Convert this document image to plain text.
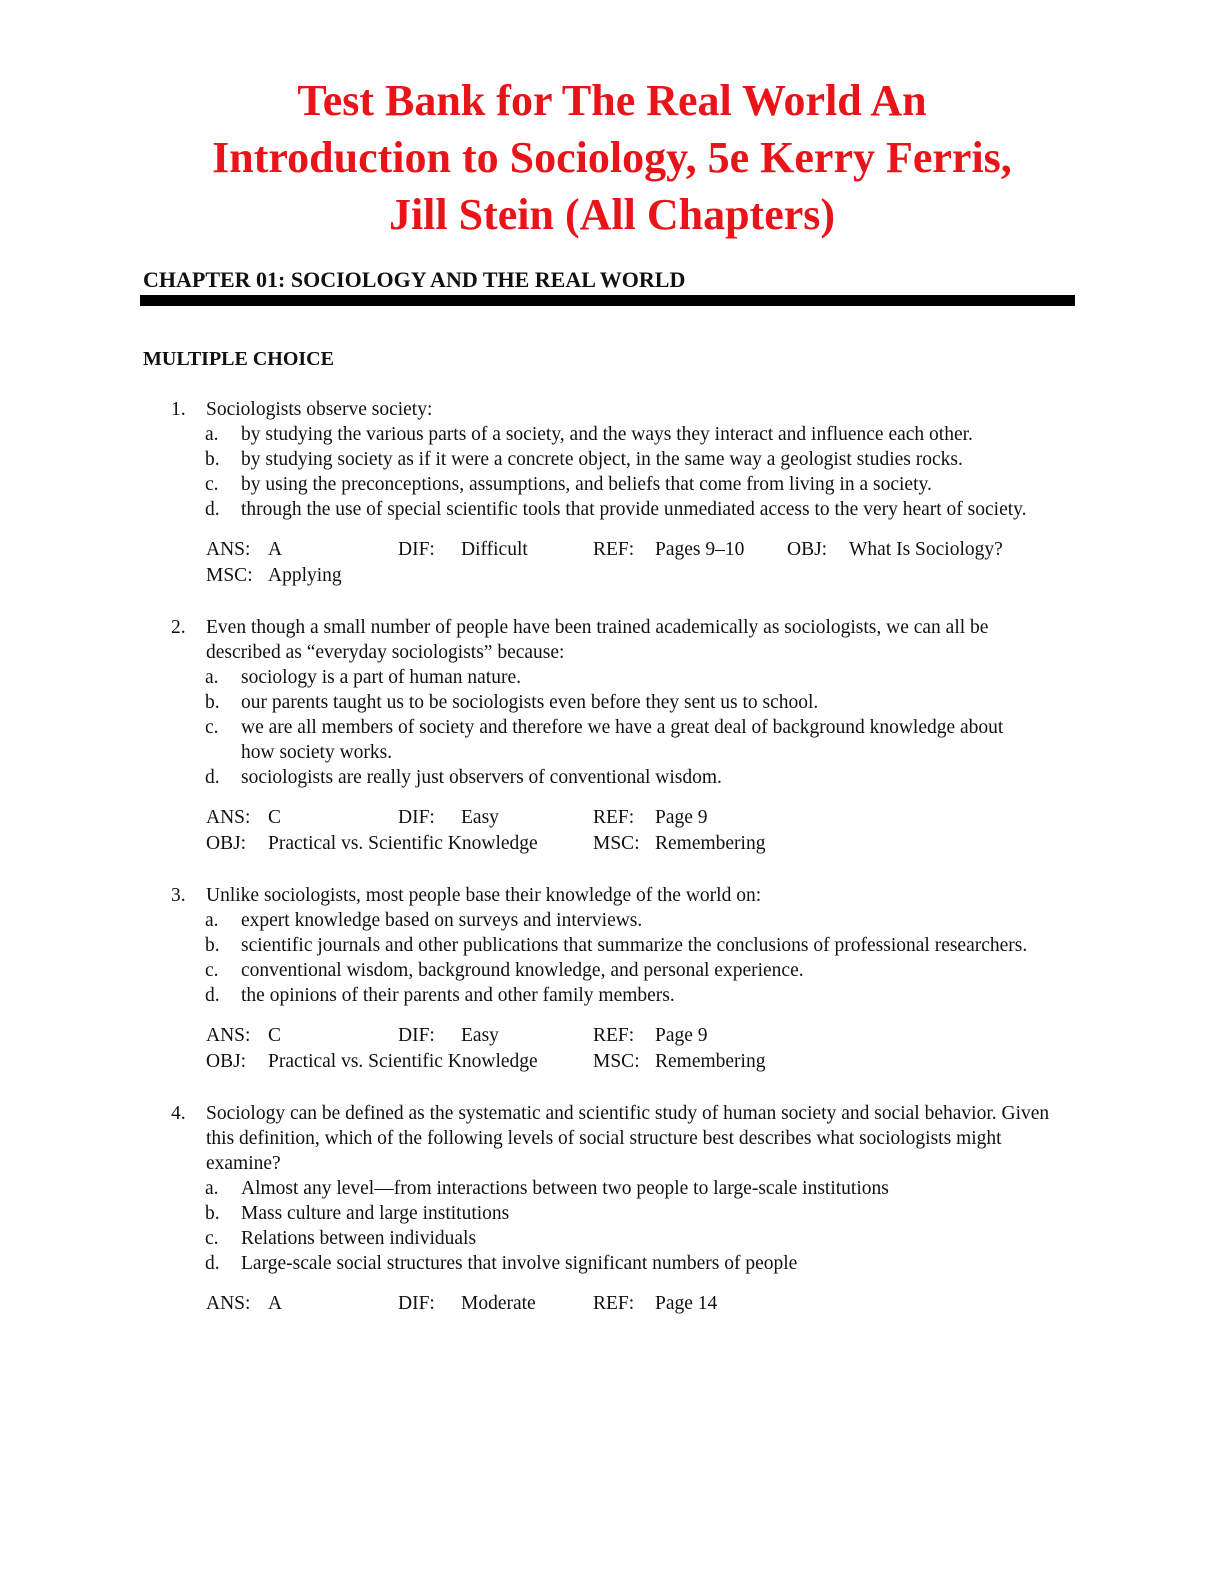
Test Bank for The Real World An
Introduction to Sociology, 5e Kerry Ferris,
Jill Stein (All Chapters)
CHAPTER 01: SOCIOLOGY AND THE REAL WORLD
MULTIPLE CHOICE
1.	Sociologists observe society:
a. by studying the various parts of a society, and the ways they interact and influence each other.
b. by studying society as if it were a concrete object, in the same way a geologist studies rocks.
c. by using the preconceptions, assumptions, and beliefs that come from living in a society.
d. through the use of special scientific tools that provide unmediated access to the very heart of society.
ANS: A	DIF: Difficult	REF: Pages 9–10 OBJ: What Is Sociology?
MSC: Applying
2.	Even though a small number of people have been trained academically as sociologists, we can all be described as “everyday sociologists” because:
a. sociology is a part of human nature.
b. our parents taught us to be sociologists even before they sent us to school.
c. we are all members of society and therefore we have a great deal of background knowledge about how society works.
d. sociologists are really just observers of conventional wisdom.
ANS: C	DIF: Easy	REF: Page 9
OBJ: Practical vs. Scientific Knowledge	MSC: Remembering
3.	Unlike sociologists, most people base their knowledge of the world on:
a. expert knowledge based on surveys and interviews.
b. scientific journals and other publications that summarize the conclusions of professional researchers.
c. conventional wisdom, background knowledge, and personal experience.
d. the opinions of their parents and other family members.
ANS: C	DIF: Easy	REF: Page 9
OBJ: Practical vs. Scientific Knowledge	MSC: Remembering
4.	Sociology can be defined as the systematic and scientific study of human society and social behavior. Given this definition, which of the following levels of social structure best describes what sociologists might examine?
a. Almost any level—from interactions between two people to large-scale institutions
b. Mass culture and large institutions
c. Relations between individuals
d. Large-scale social structures that involve significant numbers of people
ANS: A	DIF: Moderate	REF: Page 14
